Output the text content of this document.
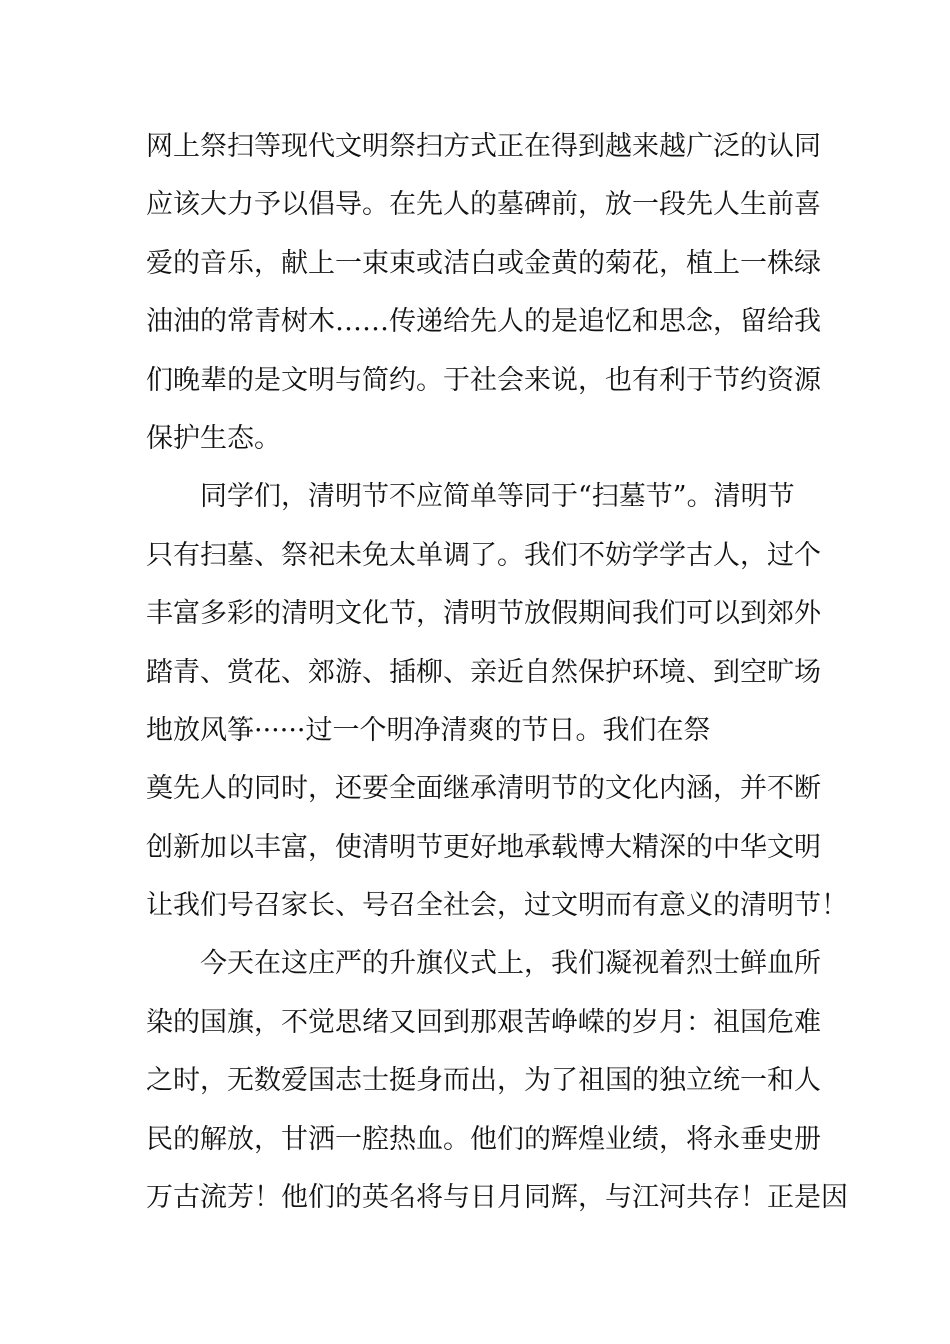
网上祭扫等现代文明祭扫方式正在得到越来越广泛的认同
应该大力予以倡导。在先人的墓碑前，放一段先人生前喜
爱的音乐，献上一束束或洁白或金黄的菊花，植上一株绿
油油的常青树木……传递给先人的是追忆和思念，留给我
们晚辈的是文明与简约。于社会来说，也有利于节约资源
保护生态。
同学们，清明节不应简单等同于“扫墓节”。清明节
只有扫墓、祭祀未免太单调了。我们不妨学学古人，过个
丰富多彩的清明文化节，清明节放假期间我们可以到郊外
踏青、赏花、郊游、插柳、亲近自然保护环境、到空旷场
地放风筝······过一个明净清爽的节日。我们在祭
奠先人的同时，还要全面继承清明节的文化内涵，并不断
创新加以丰富，使清明节更好地承载博大精深的中华文明
让我们号召家长、号召全社会，过文明而有意义的清明节！
今天在这庄严的升旗仪式上，我们凝视着烈士鲜血所
染的国旗，不觉思绪又回到那艰苦峥嵘的岁月：祖国危难
之时，无数爱国志士挺身而出，为了祖国的独立统一和人
民的解放，甘洒一腔热血。他们的辉煌业绩，将永垂史册
万古流芳！他们的英名将与日月同辉，与江河共存！正是因
